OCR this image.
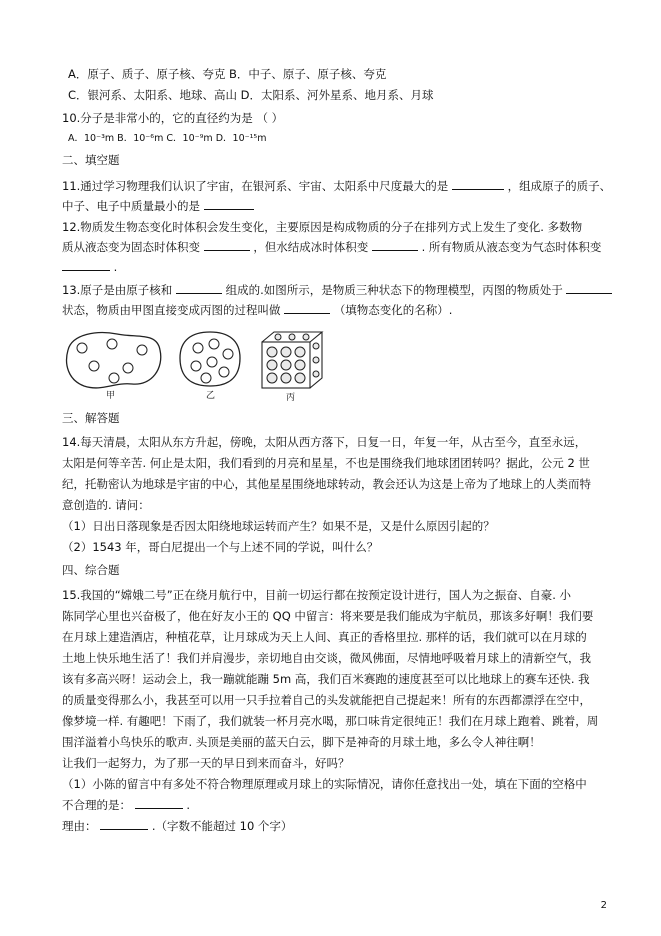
A．原子、质子、原子核、夸克 B．中子、原子、原子核、夸克
C．银河系、太阳系、地球、高山 D．太阳系、河外星系、地月系、月球
10.分子是非常小的，它的直径约为是 （ ）
A．10⁻³m B．10⁻⁶m C．10⁻⁹m D．10⁻¹⁵m
二、填空题
11.通过学习物理我们认识了宇宙，在银河系、宇宙、太阳系中尺度最大的是	，组成原子的质子、
中子、电子中质量最小的是
12.物质发生物态变化时体积会发生变化，主要原因是构成物质的分子在排列方式上发生了变化. 多数物
质从液态变为固态时体积变	，但水结成冰时体积变	. 所有物质从液态变为气态时体积变
.
13.原子是由原子核和	组成的.如图所示，是物质三种状态下的物理模型，丙图的物质处于
状态，物质由甲图直接变成丙图的过程叫做	（填物态变化的名称）.
甲	乙	丙
三、解答题
14.每天清晨，太阳从东方升起，傍晚，太阳从西方落下，日复一日，年复一年，从古至今，直至永远，
太阳是何等辛苦. 何止是太阳，我们看到的月亮和星星，不也是围绕我们地球团团转吗？据此，公元 2 世
纪，托勒密认为地球是宇宙的中心，其他星星围绕地球转动，教会还认为这是上帝为了地球上的人类而特
意创造的. 请问：
（1）日出日落现象是否因太阳绕地球运转而产生？如果不是，又是什么原因引起的？
（2）1543 年，哥白尼提出一个与上述不同的学说，叫什么？
四、综合题
15.我国的“嫦娥二号”正在绕月航行中，目前一切运行都在按预定设计进行，国人为之振奋、自豪. 小
陈同学心里也兴奋极了，他在好友小王的 QQ 中留言：将来要是我们能成为宇航员，那该多好啊！我们要
在月球上建造酒店，种植花草，让月球成为天上人间、真正的香格里拉. 那样的话，我们就可以在月球的
土地上快乐地生活了！我们并肩漫步，亲切地自由交谈，微风佛面，尽情地呼吸着月球上的清新空气，我
该有多高兴呀！运动会上，我一蹦就能蹦 5m 高，我们百米赛跑的速度甚至可以比地球上的赛车还快. 我
的质量变得那么小，我甚至可以用一只手拉着自己的头发就能把自己提起来！所有的东西都漂浮在空中，
像梦境一样. 有趣吧！下雨了，我们就装一杯月亮水喝，那口味肯定很纯正！我们在月球上跑着、跳着，周
围洋溢着小鸟快乐的歌声. 头顶是美丽的蓝天白云，脚下是神奇的月球土地，多么令人神往啊！
让我们一起努力，为了那一天的早日到来而奋斗，好吗？
（1）小陈的留言中有多处不符合物理原理或月球上的实际情况，请你任意找出一处，填在下面的空格中
不合理的是：	.
理由：	.（字数不能超过 10 个字）
2
